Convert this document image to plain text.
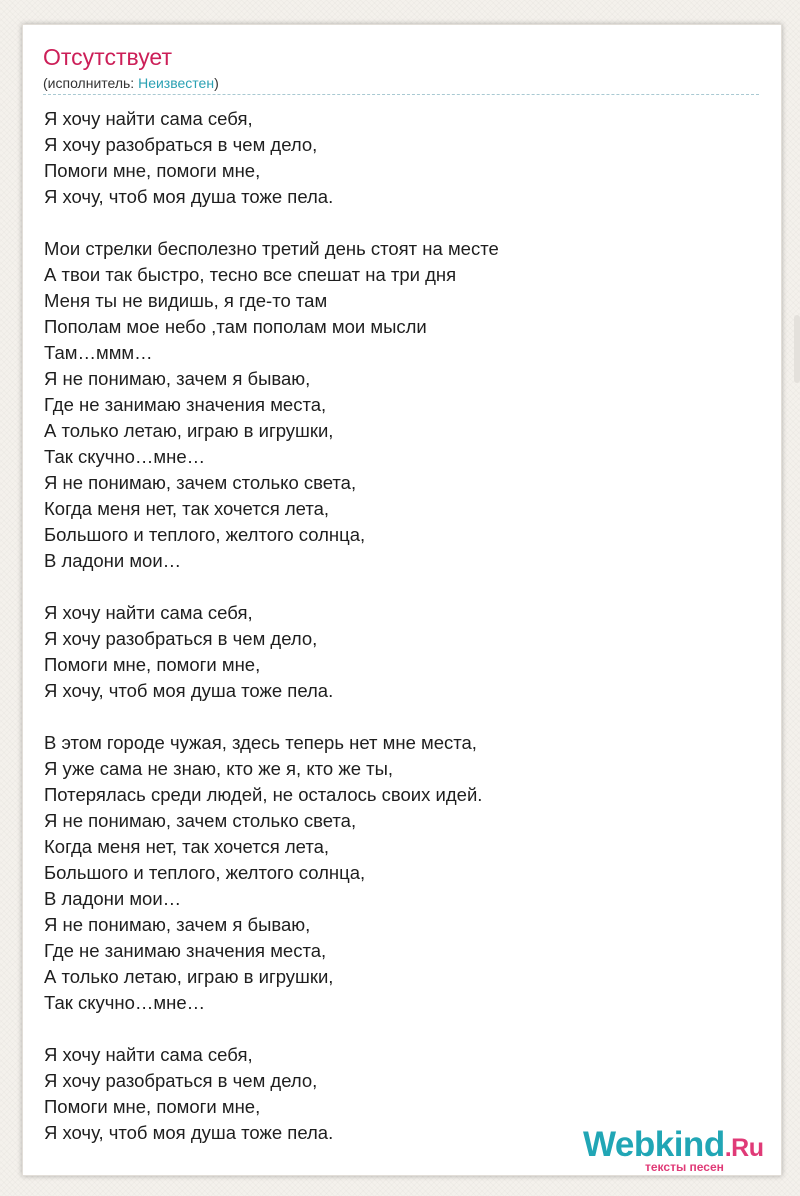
Отсутствует
(исполнитель: Неизвестен)
Я хочу найти сама себя,
Я хочу разобраться в чем дело,
Помоги мне, помоги мне,
Я хочу, чтоб моя душа тоже пела.
Мои стрелки бесполезно третий день стоят на месте
А твои так быстро, тесно все спешат на три дня
Меня ты не видишь, я где-то там
Пополам мое небо ,там пополам мои мысли
Там…ммм…
Я не понимаю, зачем я бываю,
Где не занимаю значения места,
А только летаю, играю в игрушки,
Так скучно…мне…
Я не понимаю, зачем столько света,
Когда меня нет, так хочется лета,
Большого и теплого, желтого солнца,
В ладони мои…
Я хочу найти сама себя,
Я хочу разобраться в чем дело,
Помоги мне, помоги мне,
Я хочу, чтоб моя душа тоже пела.
В этом городе чужая, здесь теперь нет мне места,
Я уже сама не знаю, кто же я, кто же ты,
Потерялась среди людей, не осталось своих идей.
Я не понимаю, зачем столько света,
Когда меня нет, так хочется лета,
Большого и теплого, желтого солнца,
В ладони мои…
Я не понимаю, зачем я бываю,
Где не занимаю значения места,
А только летаю, играю в игрушки,
Так скучно…мне…
Я хочу найти сама себя,
Я хочу разобраться в чем дело,
Помоги мне, помоги мне,
Я хочу, чтоб моя душа тоже пела.	Webkind.Ru
тексты песен
